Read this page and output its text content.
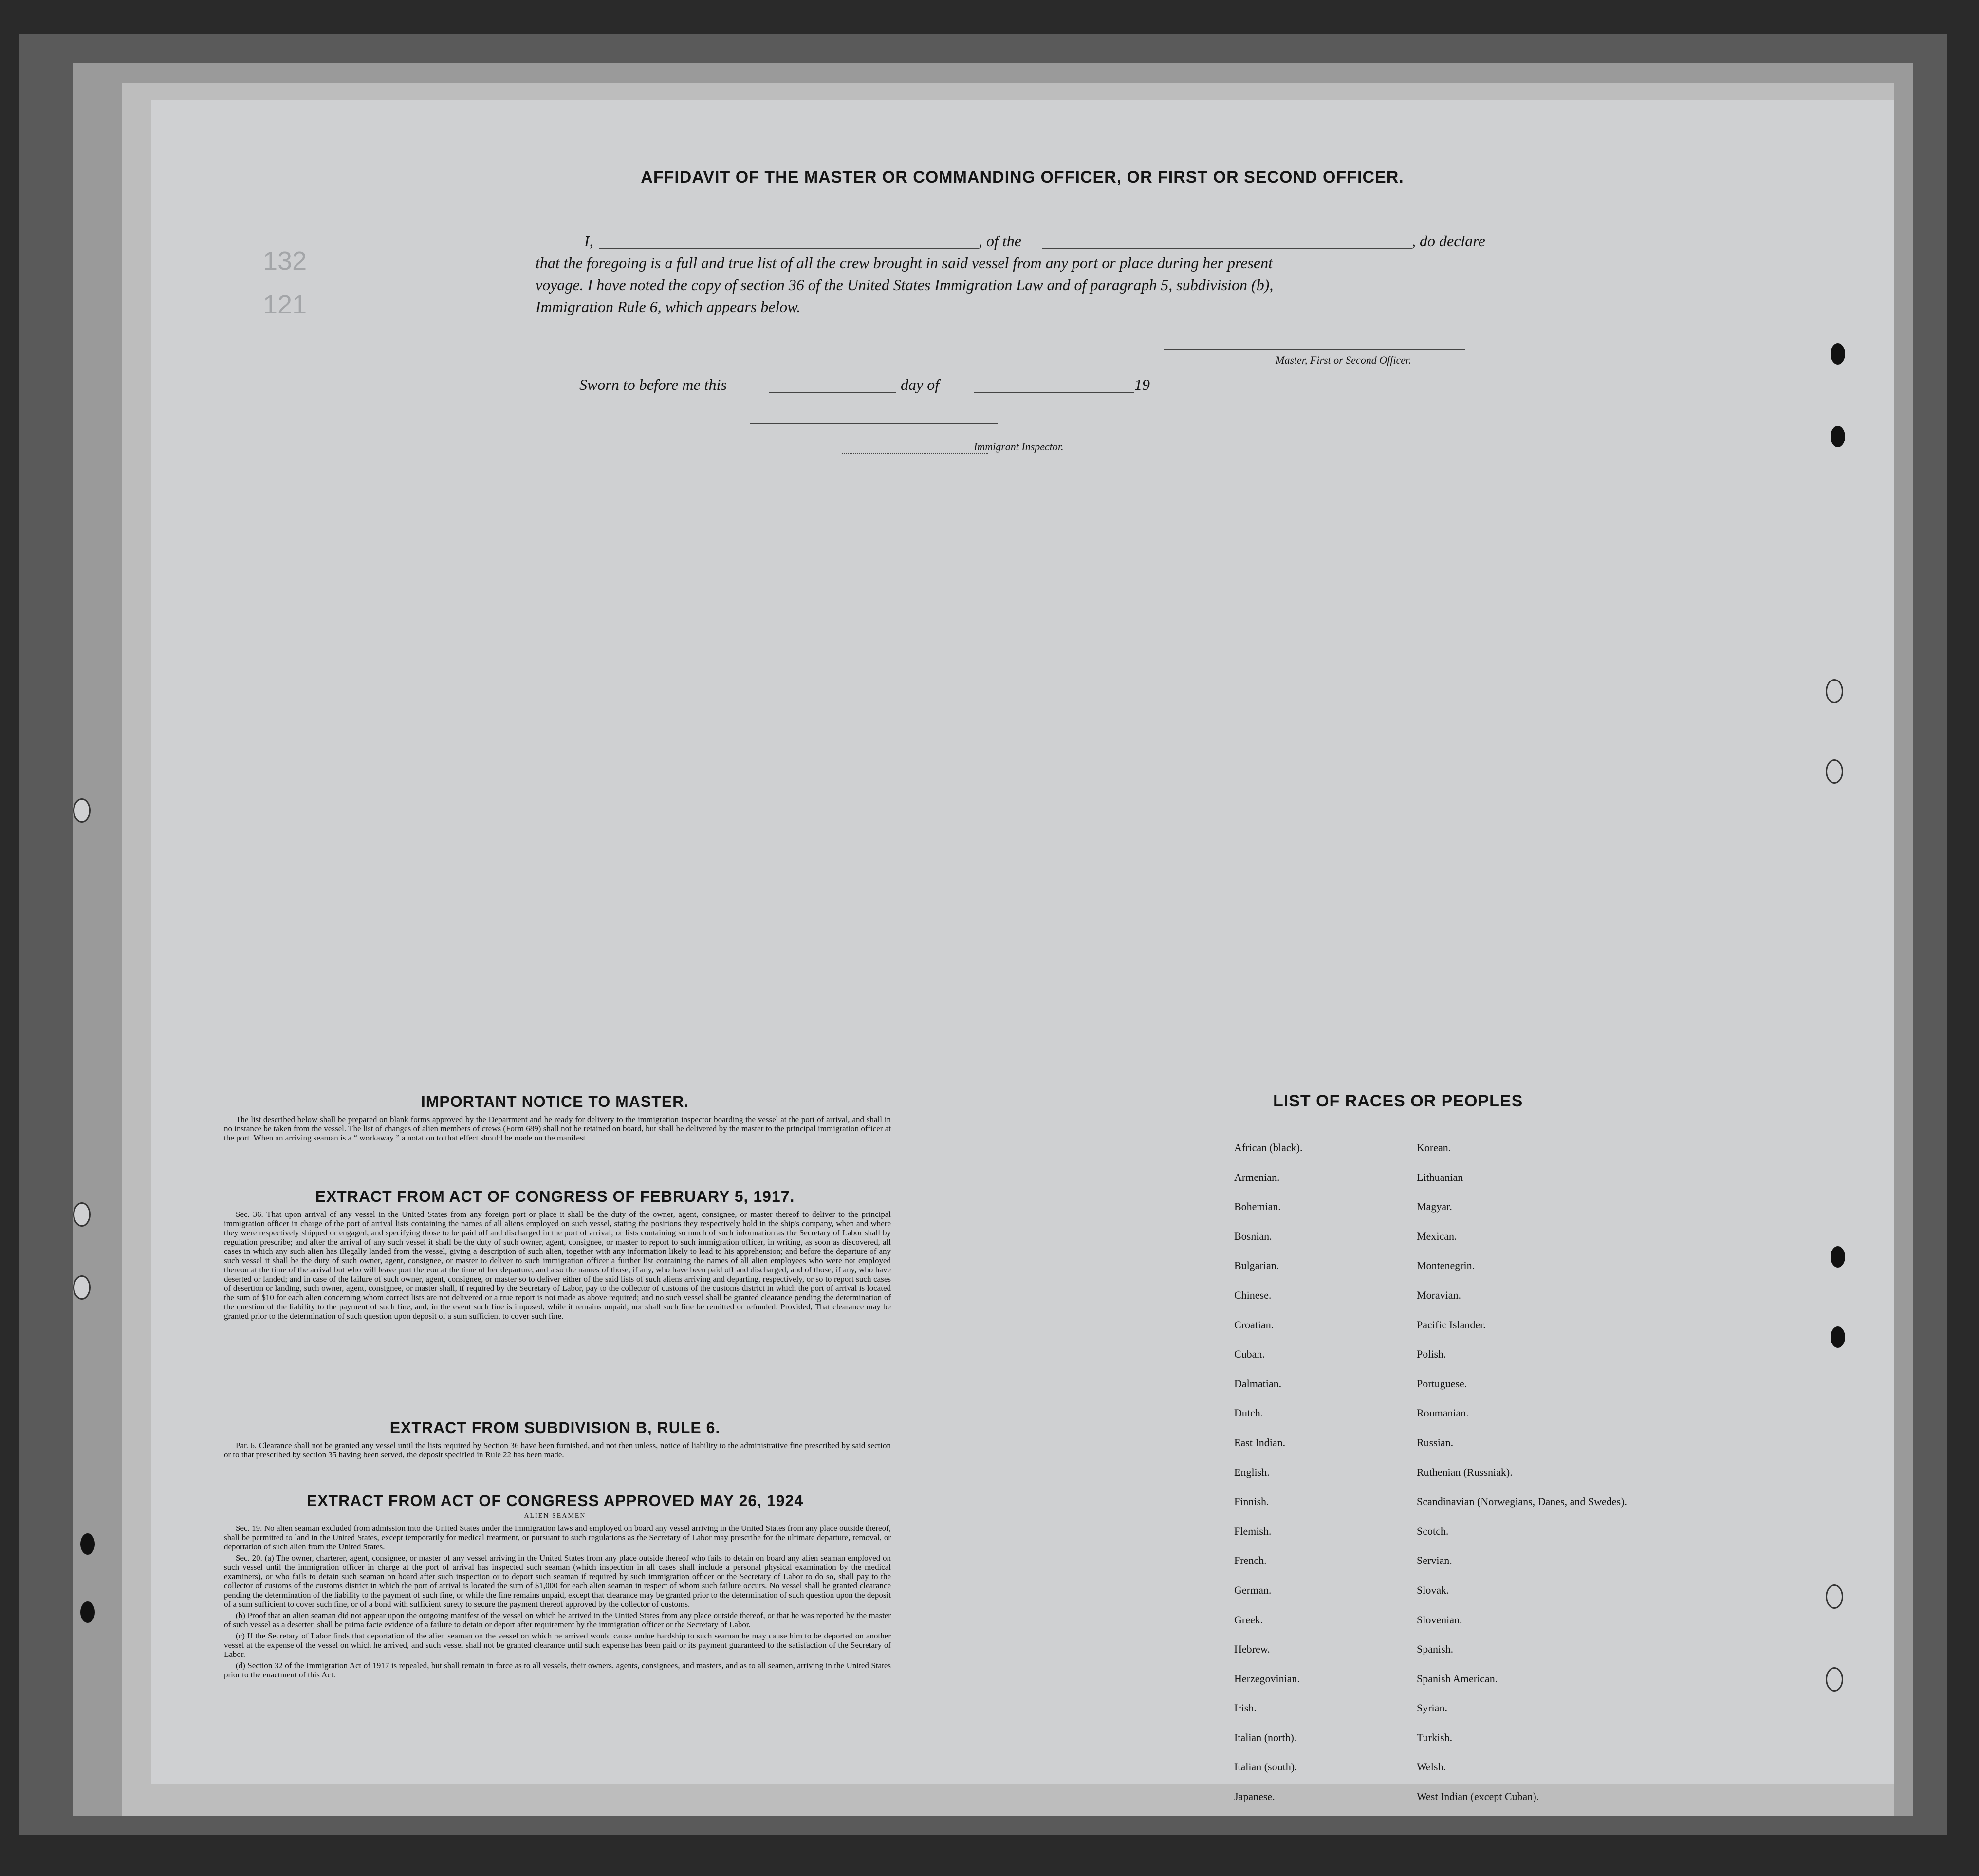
132
121
AFFIDAVIT OF THE MASTER OR COMMANDING OFFICER, OR FIRST OR SECOND OFFICER.
I,	, of the	, do declare
that the foregoing is a full and true list of all the crew brought in said vessel from any port or place during her present
voyage. I have noted the copy of section 36 of the United States Immigration Law and of paragraph 5, subdivision (b),
Immigration Rule 6, which appears below.
Master, First or Second Officer.
Sworn to before me this	day of	19
Immigrant Inspector.
IMPORTANT NOTICE TO MASTER.

The list described below shall be prepared on blank forms approved by the Department and be ready for delivery to the immigration inspector boarding the vessel at the port of arrival, and shall in no instance be taken from the vessel. The list of changes of alien members of crews (Form 689) shall not be retained on board, but shall be delivered by the master to the principal immigration officer at the port. When an arriving seaman is a “ workaway ” a notation to that effect should be made on the manifest.

EXTRACT FROM ACT OF CONGRESS OF FEBRUARY 5, 1917.

Sec. 36. That upon arrival of any vessel in the United States from any foreign port or place it shall be the duty of the owner, agent, consignee, or master thereof to deliver to the principal immigration officer in charge of the port of arrival lists containing the names of all aliens employed on such vessel, stating the positions they respectively hold in the ship's company, when and where they were respectively shipped or engaged, and specifying those to be paid off and discharged in the port of arrival; or lists containing so much of such information as the Secretary of Labor shall by regulation prescribe; and after the arrival of any such vessel it shall be the duty of such owner, agent, consignee, or master to report to such immigration officer, in writing, as soon as discovered, all cases in which any such alien has illegally landed from the vessel, giving a description of such alien, together with any information likely to lead to his apprehension; and before the departure of any such vessel it shall be the duty of such owner, agent, consignee, or master to deliver to such immigration officer a further list containing the names of all alien employees who were not employed thereon at the time of the arrival but who will leave port thereon at the time of her departure, and also the names of those, if any, who have been paid off and discharged, and of those, if any, who have deserted or landed; and in case of the failure of such owner, agent, consignee, or master so to deliver either of the said lists of such aliens arriving and departing, respectively, or so to report such cases of desertion or landing, such owner, agent, consignee, or master shall, if required by the Secretary of Labor, pay to the collector of customs of the customs district in which the port of arrival is located the sum of $10 for each alien concerning whom correct lists are not delivered or a true report is not made as above required; and no such vessel shall be granted clearance pending the determination of the question of the liability to the payment of such fine, and, in the event such fine is imposed, while it remains unpaid; nor shall such fine be remitted or refunded: Provided, That clearance may be granted prior to the determination of such question upon deposit of a sum sufficient to cover such fine.

EXTRACT FROM SUBDIVISION B, RULE 6.

Par. 6. Clearance shall not be granted any vessel until the lists required by Section 36 have been furnished, and not then unless, notice of liability to the administrative fine prescribed by said section or to that prescribed by section 35 having been served, the deposit specified in Rule 22 has been made.

EXTRACT FROM ACT OF CONGRESS APPROVED MAY 26, 1924
ALIEN SEAMEN

Sec. 19. No alien seaman excluded from admission into the United States under the immigration laws and employed on board any vessel arriving in the United States from any place outside thereof, shall be permitted to land in the United States, except temporarily for medical treatment, or pursuant to such regulations as the Secretary of Labor may prescribe for the ultimate departure, removal, or deportation of such alien from the United States.

Sec. 20. (a) The owner, charterer, agent, consignee, or master of any vessel arriving in the United States from any place outside thereof who fails to detain on board any alien seaman employed on such vessel until the immigration officer in charge at the port of arrival has inspected such seaman (which inspection in all cases shall include a personal physical examination by the medical examiners), or who fails to detain such seaman on board after such inspection or to deport such seaman if required by such immigration officer or the Secretary of Labor to do so, shall pay to the collector of customs of the customs district in which the port of arrival is located the sum of $1,000 for each alien seaman in respect of whom such failure occurs. No vessel shall be granted clearance pending the determination of the liability to the payment of such fine, or while the fine remains unpaid, except that clearance may be granted prior to the determination of such question upon the deposit of a sum sufficient to cover such fine, or of a bond with sufficient surety to secure the payment thereof approved by the collector of customs.

(b) Proof that an alien seaman did not appear upon the outgoing manifest of the vessel on which he arrived in the United States from any place outside thereof, or that he was reported by the master of such vessel as a deserter, shall be prima facie evidence of a failure to detain or deport after requirement by the immigration officer or the Secretary of Labor.

(c) If the Secretary of Labor finds that deportation of the alien seaman on the vessel on which he arrived would cause undue hardship to such seaman he may cause him to be deported on another vessel at the expense of the vessel on which he arrived, and such vessel shall not be granted clearance until such expense has been paid or its payment guaranteed to the satisfaction of the Secretary of Labor.

(d) Section 32 of the Immigration Act of 1917 is repealed, but shall remain in force as to all vessels, their owners, agents, consignees, and masters, and as to all seamen, arriving in the United States prior to the enactment of this Act.

LIST OF RACES OR PEOPLES
African (black).
Armenian.
Bohemian.
Bosnian.
Bulgarian.
Chinese.
Croatian.
Cuban.
Dalmatian.
Dutch.
East Indian.
English.
Finnish.
Flemish.
French.
German.
Greek.
Hebrew.
Herzegovinian.
Irish.
Italian (north).
Italian (south).
Japanese.
Korean.
Lithuanian
Magyar.
Mexican.
Montenegrin.
Moravian.
Pacific Islander.
Polish.
Portuguese.
Roumanian.
Russian.
Ruthenian (Russniak).
Scandinavian (Norwegians, Danes, and Swedes).
Scotch.
Servian.
Slovak.
Slovenian.
Spanish.
Spanish American.
Syrian.
Turkish.
Welsh.
West Indian (except Cuban).
